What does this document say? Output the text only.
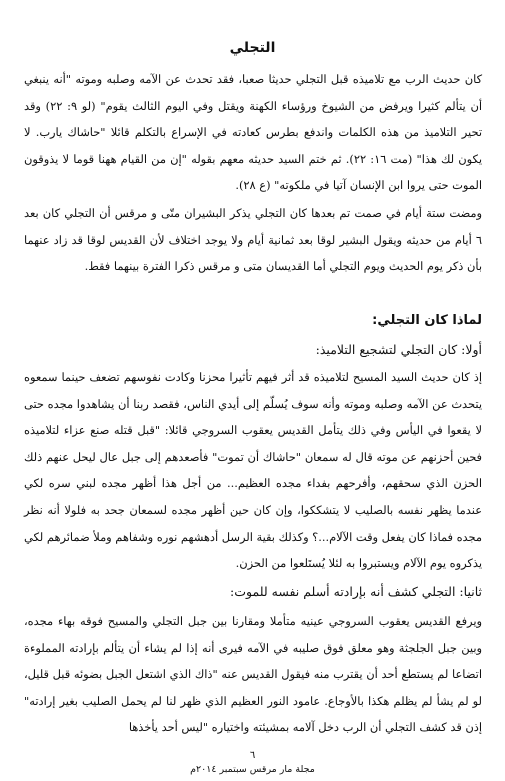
التجلي
كان حديث الرب مع تلاميذه قبل التجلي حديثا صعبا، فقد تحدث عن الآمه وصلبه وموته "أنه ينبغي أن يتألم كثيرا ويرفض من الشيوخ ورؤساء الكهنة ويقتل وفي اليوم الثالث يقوم" (لو ٩: ٢٢) وقد تحير التلاميذ من هذه الكلمات واندفع بطرس كعادته في الإسراع بالتكلم قائلا "حاشاك يارب. لا يكون لك هذا" (مت ١٦: ٢٢). ثم ختم السيد حديثه معهم بقوله "إن من القيام ههنا قوما لا يذوقون الموت حتى يروا ابن الإنسان آتيا في ملكوته" (ع ٢٨).
ومضت ستة أيام في صمت تم بعدها كان التجلي يذكر البشيران متّى و مرقس أن التجلي كان بعد ٦ أيام من حديثه ويقول البشير لوقا بعد ثمانية أيام ولا يوجد اختلاف لأن القديس لوقا قد زاد عنهما بأن ذكر يوم الحديث ويوم التجلي أما القديسان متى و مرقس ذكرا الفترة بينهما فقط.
لماذا كان التجلي:
أولا: كان التجلي لتشجيع التلاميذ:
إذ كان حديث السيد المسيح لتلاميذه قد أثر فيهم تأثيرا محزنا وكادت نفوسهم تضعف حينما سمعوه يتحدث عن الآمه وصلبه وموته وأنه سوف يُسلّم إلى أيدي الناس، فقصد ربنا أن يشاهدوا مجده حتى لا يقعوا في اليأس وفي ذلك يتأمل القديس يعقوب السروجي قائلا: "قبل قتله صنع عزاء لتلاميذه فحين أحزنهم عن موته قال له سمعان "حاشاك أن تموت" فأصعدهم إلى جبل عال ليحل عنهم ذلك الحزن الذي سحقهم، وأفرحهم بفداء مجده العظيم... من أجل هذا أظهر مجده لبني سره لكي عندما يظهر نفسه بالصليب لا يتشككوا، وإن كان حين أظهر مجده لسمعان جحد به فلولا أنه نظر مجده فماذا كان يفعل وقت الآلام...؟ وكذلك بقية الرسل أدهشهم نوره وشفاهم وملأ ضمائرهم لكي يذكروه يوم الآلام ويستبروا به لئلا يُستَلعوا من الحزن.
ثانيا: التجلي كشف أنه بإرادته أسلم نفسه للموت:
ويرفع القديس يعقوب السروجي عينيه متأملا ومقارنا بين جبل التجلي والمسيح فوقه بهاء مجده، وبين جبل الجلجثة وهو معلق فوق صليبه في الآمه فيرى أنه إذا لم يشاء أن يتألم بإرادته المملوءة اتضاعا لم يستطع أحد أن يقترب منه فيقول القديس عنه "ذاك الذي اشتعل الجبل بضوئه قبل قليل، لو لم يشأ لم يظلم هكذا بالأوجاع. عامود النور العظيم الذي ظهر لنا لم يحمل الصليب بغير إرادته" إذن قد كشف التجلي أن الرب دخل آلامه بمشيئته واختياره "ليس أحد يأخذها
٦
مجلة مار مرقس سبتمبر ٢٠١٤م
